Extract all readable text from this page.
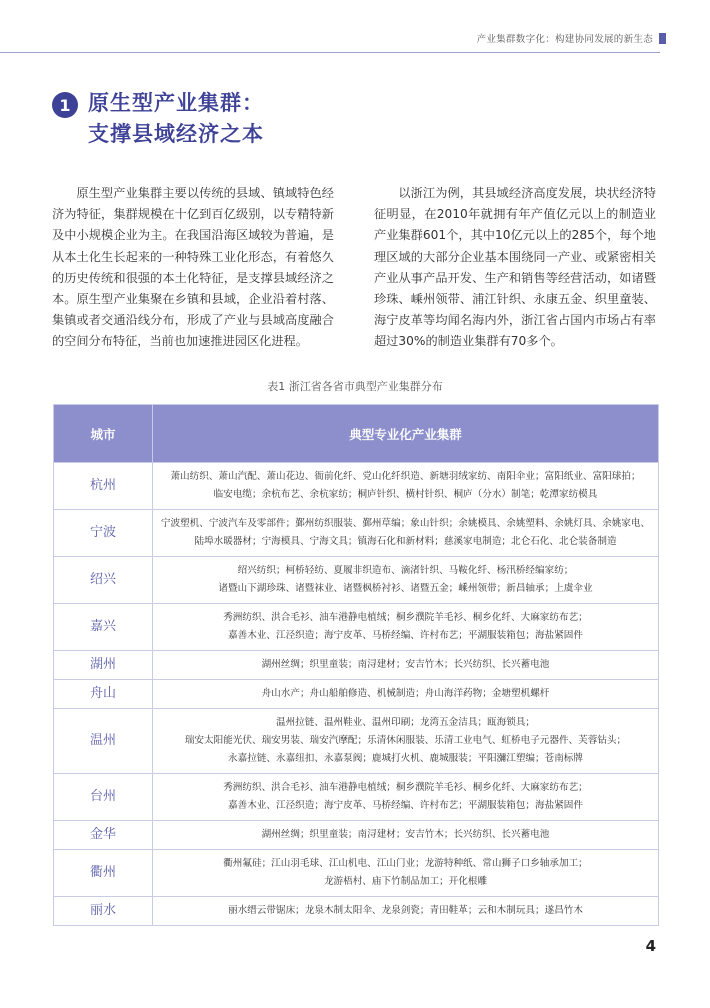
产业集群数字化：构建协同发展的新生态
1 原生型产业集群：
支撑县域经济之本

原生型产业集群主要以传统的县域、镇域特色经济为特征，集群规模在十亿到百亿级别，以专精特新及中小规模企业为主。在我国沿海区域较为普遍，是从本土化生长起来的一种特殊工业化形态，有着悠久的历史传统和很强的本土化特征，是支撑县域经济之本。原生型产业集聚在乡镇和县域，企业沿着村落、集镇或者交通沿线分布，形成了产业与县域高度融合的空间分布特征，当前也加速推进园区化进程。

以浙江为例，其县域经济高度发展，块状经济特征明显，在2010年就拥有年产值亿元以上的制造业产业集群601个，其中10亿元以上的285个，每个地理区域的大部分企业基本围绕同一产业、或紧密相关产业从事产品开发、生产和销售等经营活动，如诸暨珍珠、嵊州领带、浦江针织、永康五金、织里童装、海宁皮革等均闻名海内外，浙江省占国内市场占有率超过30%的制造业集群有70多个。

表1 浙江省各省市典型产业集群分布
城市	典型专业化产业集群
杭州	萧山纺织、萧山汽配、萧山花边、衙前化纤、党山化纤织造、新塘羽绒家纺、南阳伞业；富阳纸业、富阳球拍；
临安电缆；余杭布艺、余杭家纺；桐庐针织、横村针织、桐庐（分水）制笔；乾潭家纺模具

宁波	宁波塑机、宁波汽车及零部件；鄞州纺织服装、鄞州草编；象山针织；余姚模具、余姚塑料、余姚灯具、余姚家电、
陆埠水暖器材；宁海模具、宁海文具；镇海石化和新材料；慈溪家电制造；北仑石化、北仑装备制造

绍兴	绍兴纺织；柯桥轻纺、夏履非织造布、滴渚针织、马鞍化纤、杨汛桥经编家纺；
诸暨山下湖珍珠、诸暨袜业、诸暨枫桥衬衫、诸暨五金；嵊州领带；新昌轴承；上虞伞业

嘉兴	秀洲纺织、洪合毛衫、油车港静电植绒；桐乡濮院羊毛衫、桐乡化纤、大麻家纺布艺；
嘉善木业、江泾织造；海宁皮革、马桥经编、许村布艺；平湖服装箱包；海盐紧固件

湖州	湖州丝绸；织里童装；南浔建材；安吉竹木；长兴纺织、长兴蓄电池

舟山	舟山水产；舟山船舶修造、机械制造；舟山海洋药物；金塘塑机螺杆

温州	温州拉链、温州鞋业、温州印刷；龙湾五金洁具；瓯海锁具；
瑞安太阳能光伏、瑞安男装、瑞安汽摩配；乐清休闲服装、乐清工业电气、虹桥电子元器件、芙蓉钻头；
永嘉拉链、永嘉纽扣、永嘉泵阀；鹿城打火机、鹿城服装；平阳瀰江塑编；苍南标牌

台州	秀洲纺织、洪合毛衫、油车港静电植绒；桐乡濮院羊毛衫、桐乡化纤、大麻家纺布艺；
嘉善木业、江泾织造；海宁皮革、马桥经编、许村布艺；平湖服装箱包；海盐紧固件

金华	湖州丝绸；织里童装；南浔建材；安吉竹木；长兴纺织、长兴蓄电池

衢州	衢州氟硅；江山羽毛球、江山机电、江山门业；龙游特种纸、常山狮子口乡轴承加工；
龙游梧村、庙下竹制品加工；开化根雕

丽水	丽水缙云带锯床；龙泉木制太阳伞、龙泉剑瓷；青田鞋革；云和木制玩具；遂昌竹木
4
